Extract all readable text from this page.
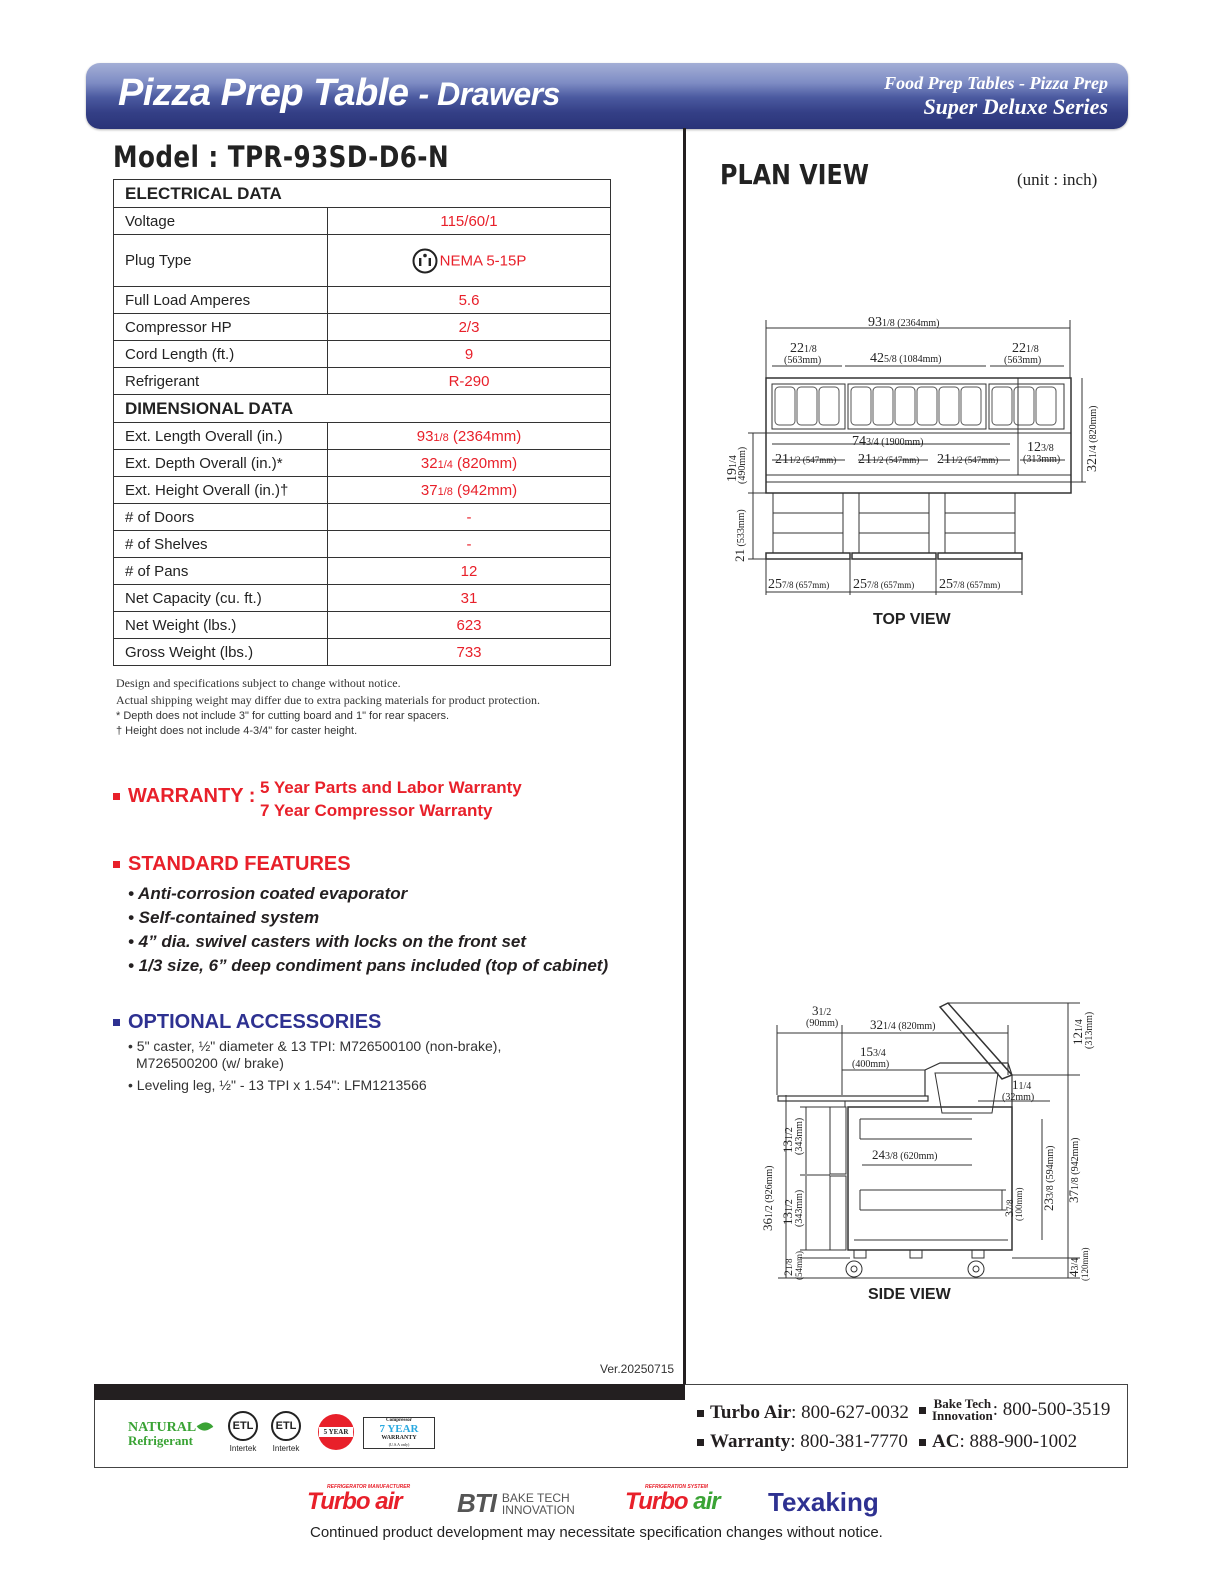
Pizza Prep Table - Drawers	Food Prep Tables - Pizza Prep
Super Deluxe Series
Model : TPR-93SD-D6-N
ELECTRICAL DATA	
Voltage	115/60/1
Plug Type	NEMA 5-15P
Full Load Amperes	5.6
Compressor HP	2/3
Cord Length (ft.)	9
Refrigerant	R-290
DIMENSIONAL DATA	
Ext. Length Overall (in.)	931/8 (2364mm)
Ext. Depth Overall (in.)*	321/4 (820mm)
Ext. Height Overall (in.)†	371/8 (942mm)
# of Doors	-
# of Shelves	-
# of Pans	12
Net Capacity (cu. ft.)	31
Net Weight (lbs.)	623
Gross Weight (lbs.)	733
Design and specifications subject to change without notice.
Actual shipping weight may differ due to extra packing materials for product protection.
* Depth does not include 3" for cutting board and 1" for rear spacers.
† Height does not include 4-3/4" for caster height.
WARRANTY : 5 Year Parts and Labor Warranty
7 Year Compressor Warranty
STANDARD FEATURES
• Anti-corrosion coated evaporator
• Self-contained system
• 4” dia. swivel casters with locks on the front set
• 1/3 size, 6” deep condiment pans included (top of cabinet)
OPTIONAL ACCESSORIES
• 5" caster, ½" diameter & 13 TPI: M726500100 (non-brake),
M726500200 (w/ brake)
• Leveling leg, ½" - 13 TPI x 1.54": LFM1213566
PLAN VIEW	(unit : inch)
931/8 (2364mm)
221/8
(563mm)	425/8 (1084mm)
221/8
(563mm)
743/4 (1900mm)
211/2 (547mm) 211/2 (547mm) 211/2 (547mm)
123/8
(313mm)
191/4
(490mm)
21 (533mm)
321/4 (820mm)
257/8 (657mm) 257/8 (657mm) 257/8 (657mm)
TOP VIEW
31/2
(90mm) 321/4 (820mm)
153/4
(400mm)
121/4 (313mm)
11/4
(32mm)
131/2 (343mm)
131/2 (343mm)
243/8 (620mm)
233/8 (594mm)
37/8 (100mm)	371/8 (942mm)
361/2 (926mm)
21/8 (54mm)	43/4 (120mm)
SIDE VIEW
Ver.20250715
NATURAL
Refrigerant
ETL
Intertek
ETL
Intertek
5 YEAR
Compressor
7 YEAR
WARRANTY
(U.S.A only)
Turbo Air: 800-627-0032	Bake Tech
Innovation: 800-500-3519
Warranty: 800-381-7770	AC: 888-900-1002
REFRIGERATOR MANUFACTURER
Turbo air	BTI BAKE TECH
INNOVATION
REFRIGERATION SYSTEM
Turbo air Texaking
Continued product development may necessitate specification changes without notice.
